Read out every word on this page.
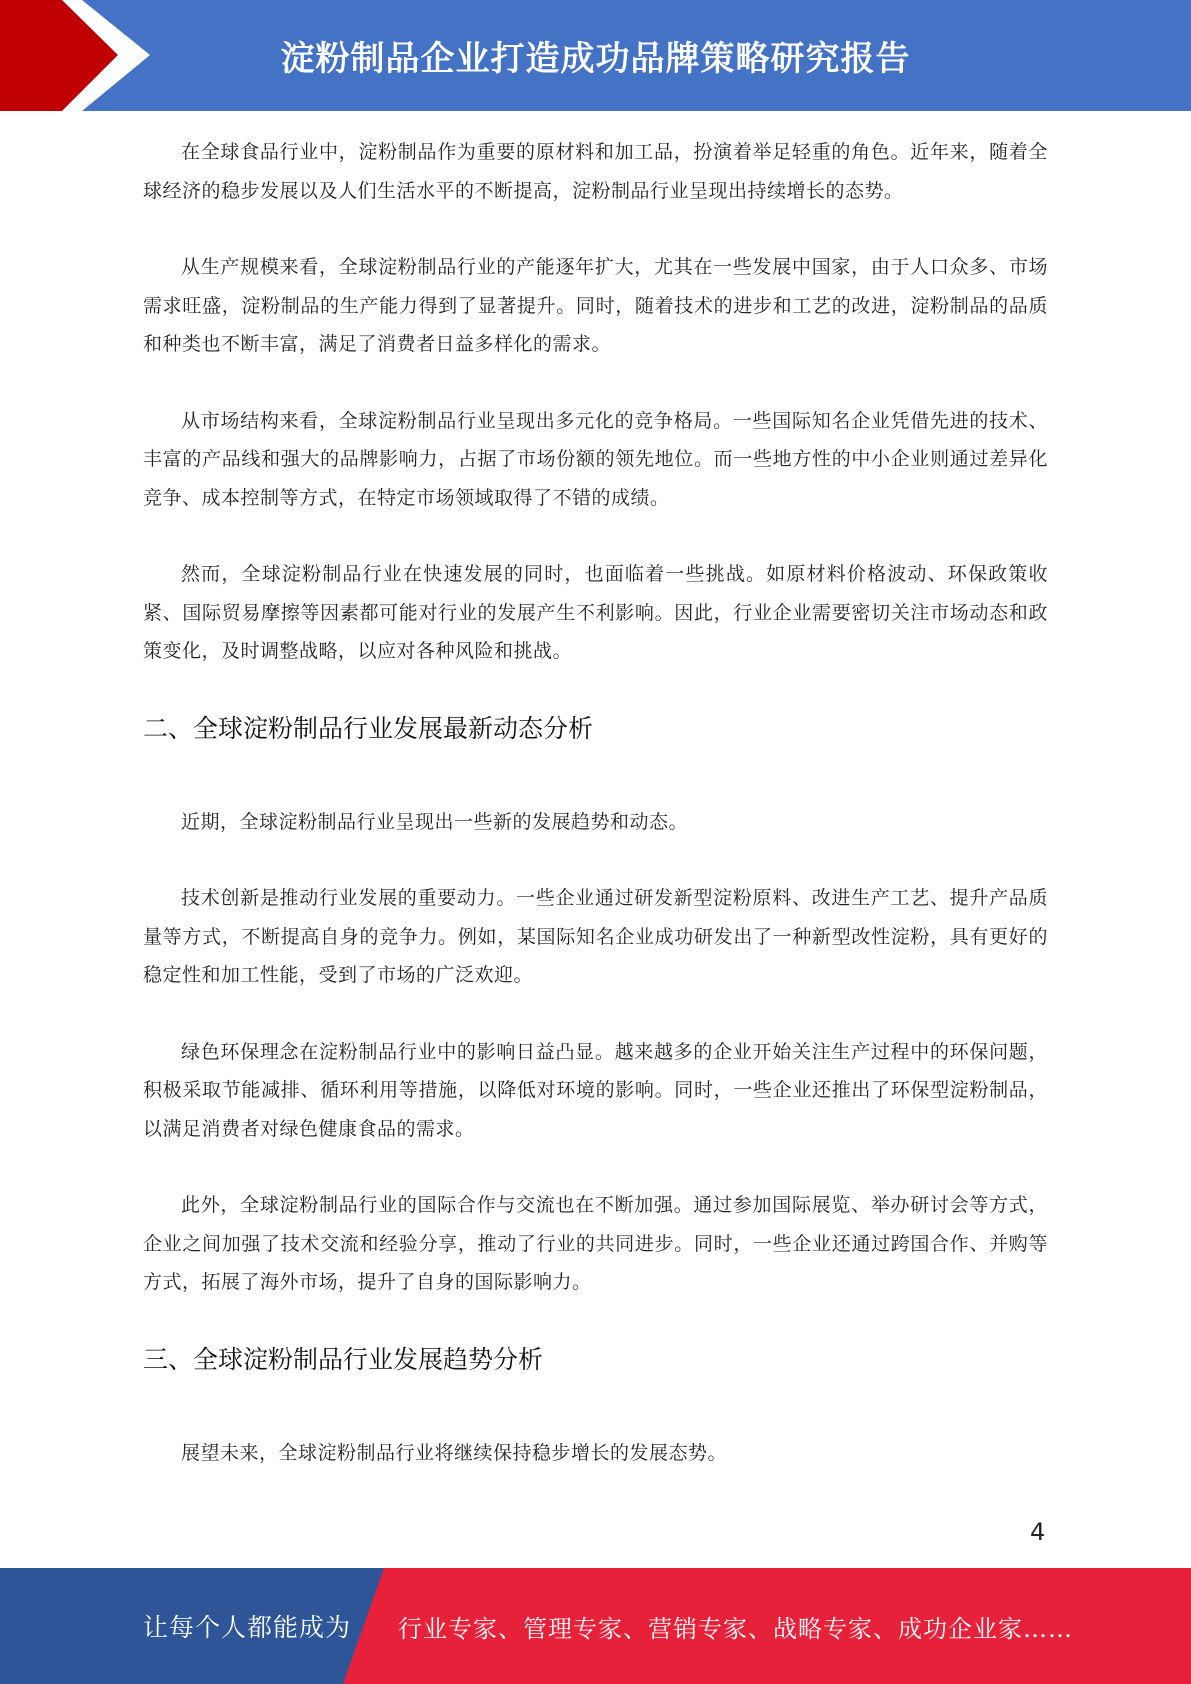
淀粉制品企业打造成功品牌策略研究报告

在全球食品行业中，淀粉制品作为重要的原材料和加工品，扮演着举足轻重的角色。近年来，随着全球经济的稳步发展以及人们生活水平的不断提高，淀粉制品行业呈现出持续增长的态势。

从生产规模来看，全球淀粉制品行业的产能逐年扩大，尤其在一些发展中国家，由于人口众多、市场需求旺盛，淀粉制品的生产能力得到了显著提升。同时，随着技术的进步和工艺的改进，淀粉制品的品质和种类也不断丰富，满足了消费者日益多样化的需求。

从市场结构来看，全球淀粉制品行业呈现出多元化的竞争格局。一些国际知名企业凭借先进的技术、丰富的产品线和强大的品牌影响力，占据了市场份额的领先地位。而一些地方性的中小企业则通过差异化竞争、成本控制等方式，在特定市场领域取得了不错的成绩。

然而，全球淀粉制品行业在快速发展的同时，也面临着一些挑战。如原材料价格波动、环保政策收紧、国际贸易摩擦等因素都可能对行业的发展产生不利影响。因此，行业企业需要密切关注市场动态和政策变化，及时调整战略，以应对各种风险和挑战。

二、全球淀粉制品行业发展最新动态分析

近期，全球淀粉制品行业呈现出一些新的发展趋势和动态。

技术创新是推动行业发展的重要动力。一些企业通过研发新型淀粉原料、改进生产工艺、提升产品质量等方式，不断提高自身的竞争力。例如，某国际知名企业成功研发出了一种新型改性淀粉，具有更好的稳定性和加工性能，受到了市场的广泛欢迎。

绿色环保理念在淀粉制品行业中的影响日益凸显。越来越多的企业开始关注生产过程中的环保问题，积极采取节能减排、循环利用等措施，以降低对环境的影响。同时，一些企业还推出了环保型淀粉制品，以满足消费者对绿色健康食品的需求。

此外，全球淀粉制品行业的国际合作与交流也在不断加强。通过参加国际展览、举办研讨会等方式，企业之间加强了技术交流和经验分享，推动了行业的共同进步。同时，一些企业还通过跨国合作、并购等方式，拓展了海外市场，提升了自身的国际影响力。

三、全球淀粉制品行业发展趋势分析

展望未来，全球淀粉制品行业将继续保持稳步增长的发展态势。

4
让每个人都能成为 行业专家、管理专家、营销专家、战略专家、成功企业家……
